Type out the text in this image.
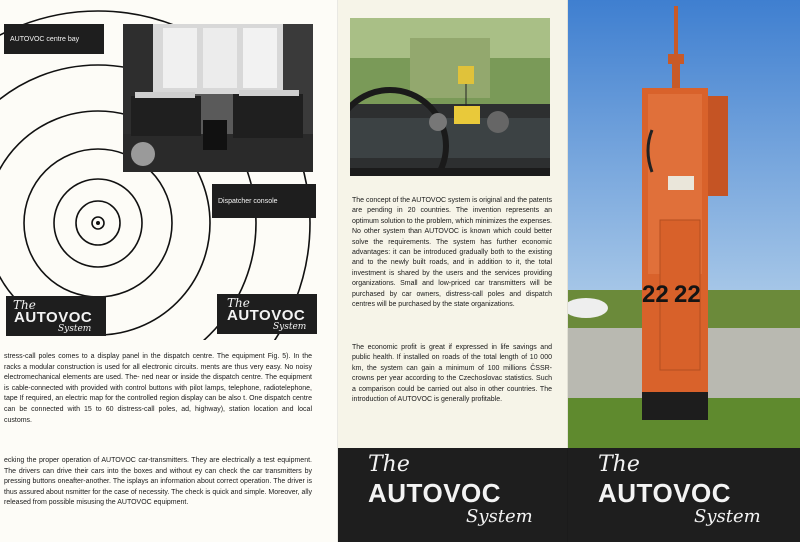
AUTOVOC centre bay
Dispatcher console
The
AUTOVOC
System
The
AUTOVOC
System

stress-call poles comes to a display panel in the dispatch centre. The equipment Fig. 5). In the racks a modular construction is used for all electronic circuits. ments are thus very easy. No noisy electromechanical elements are used. The- ned near or inside the dispatch centre. The equipment is cable-connected with provided with control buttons with pilot lamps, telephone, radiotelephone, tape If required, an electric map for the controlled region display can be also t. One dispatch centre can be connected with 15 to 60 distress-call poles, ad, highway), station location and local customs.

ecking the proper operation of AUTOVOC car-transmitters. They are electrically a test equipment. The drivers can drive their cars into the boxes and without ey can check the car transmitters by pressing buttons oneafter-another. The isplays an information about correct operation. The driver is thus assured about nsmitter for the case of necessity. The check is quick and simple. Moreover, ally released from possible misusing the AUTOVOC equipment.

The concept of the AUTOVOC system is original and the patents are pending in 20 countries. The invention represents an optimum solution to the problem, which minimizes the expenses. No other system than AUTOVOC is known which could better solve the requirements. The system has further economic advantages: it can be introduced gradually both to the existing and to the newly built roads, and in addition to it, the total investment is shared by the users and the services providing organizations. Small and low-priced car transmitters will be purchased by car owners, distress-call poles and dispatch centres will be purchased by the state organizations.

The economic profit is great if expressed in life savings and public health. If installed on roads of the total length of 10 000 km, the system can gain a minimum of 100 millions ČSSR-crowns per year according to the Czechoslovac statistics. Such a comparison could be carried out also in other countries. The introduction of AUTOVOC is generally profitable.

The
AUTOVOC
System
22 22
The
AUTOVOC
System
